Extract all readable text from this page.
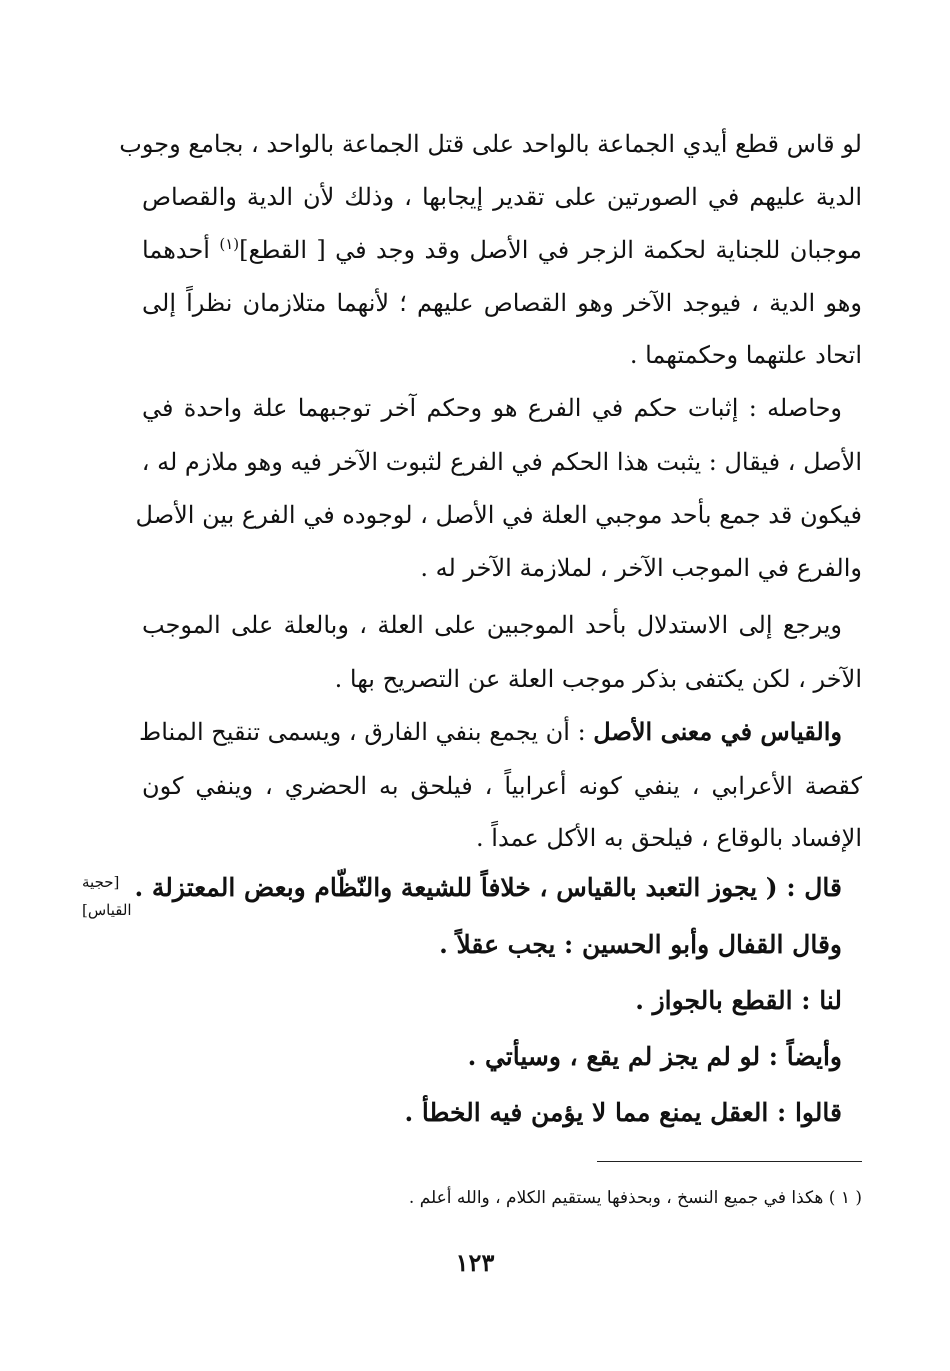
لو قاس قطع أيدي الجماعة بالواحد على قتل الجماعة بالواحد ، بجامع وجوب
الدية عليهم في الصورتين على تقدير إيجابها ، وذلك لأن الدية والقصاص
موجبان للجناية لحكمة الزجر في الأصل وقد وجد في [ القطع]$^{(١)}$ أحدهما
وهو الدية ، فيوجد الآخر وهو القصاص عليهم ؛ لأنهما متلازمان نظراً إلى
اتحاد علتهما وحكمتهما .
وحاصله : إثبات حكم في الفرع هو وحكم آخر توجبهما علة واحدة في
الأصل ، فيقال : يثبت هذا الحكم في الفرع لثبوت الآخر فيه وهو ملازم له ،
فيكون قد جمع بأحد موجبي العلة في الأصل ، لوجوده في الفرع بين الأصل
والفرع في الموجب الآخر ، لملازمة الآخر له .
ويرجع إلى الاستدلال بأحد الموجبين على العلة ، وبالعلة على الموجب
الآخر ، لكن يكتفى بذكر موجب العلة عن التصريح بها .
والقياس في معنى الأصل : أن يجمع بنفي الفارق ، ويسمى تنقيح المناط
كقصة الأعرابي ، ينفي كونه أعرابياً ، فيلحق به الحضري ، وينفي كون
الإفساد بالوقاع ، فيلحق به الأكل عمداً .
[حجية
القياس]
قال : ( يجوز التعبد بالقياس ، خلافاً للشيعة والنّظّام وبعض المعتزلة .
وقال القفال وأبو الحسين : يجب عقلاً .
لنا : القطع بالجواز .
وأيضاً : لو لم يجز لم يقع ، وسيأتي .
قالوا : العقل يمنع مما لا يؤمن فيه الخطأ .
( ١ ) هكذا في جميع النسخ ، وبحذفها يستقيم الكلام ، والله أعلم .
١٢٣
